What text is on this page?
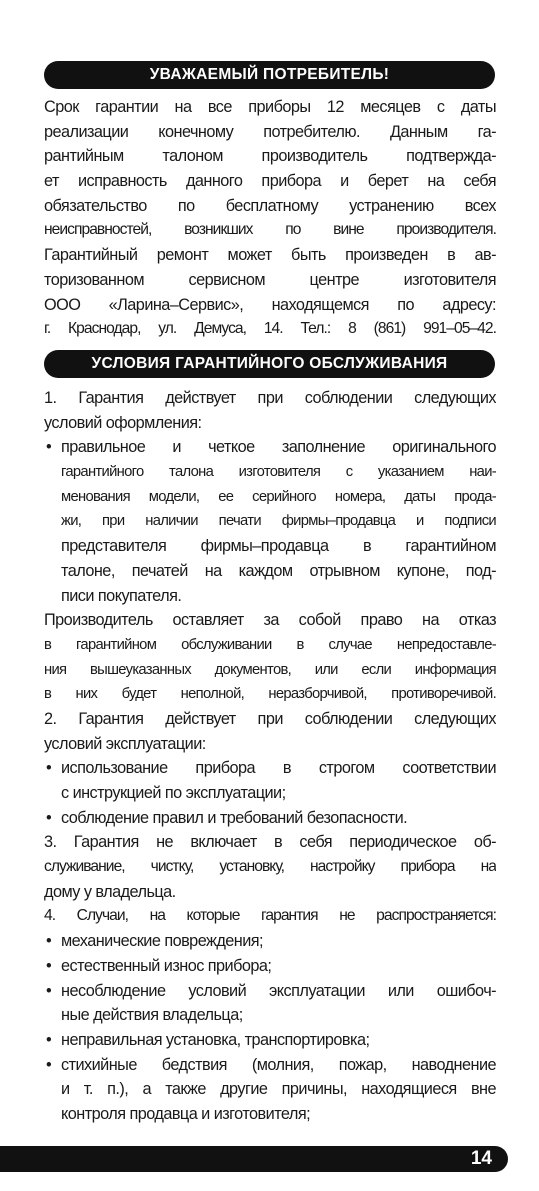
УВАЖАЕМЫЙ ПОТРЕБИТЕЛЬ!
Срок гарантии на все приборы 12 месяцев с даты
реализации конечному потребителю. Данным га-
рантийным талоном производитель подтвержда-
ет исправность данного прибора и берет на себя
обязательство по бесплатному устранению всех
неисправностей, возникших по вине производителя.
Гарантийный ремонт может быть произведен в ав-
торизованном сервисном центре изготовителя
ООО «Ларина–Сервис», находящемся по адресу:
г. Краснодар, ул. Демуса, 14. Тел.: 8 (861) 991–05–42.
УСЛОВИЯ ГАРАНТИЙНОГО ОБСЛУЖИВАНИЯ
1. Гарантия действует при соблюдении следующих
условий оформления:
• правильное и четкое заполнение оригинального
гарантийного талона изготовителя с указанием наи-
менования модели, ее серийного номера, даты прода-
жи, при наличии печати фирмы–продавца и подписи
представителя фирмы–продавца в гарантийном
талоне, печатей на каждом отрывном купоне, под-
писи покупателя.
Производитель оставляет за собой право на отказ
в гарантийном обслуживании в случае непредоставле-
ния вышеуказанных документов, или если информация
в них будет неполной, неразборчивой, противоречивой.
2. Гарантия действует при соблюдении следующих
условий эксплуатации:
• использование прибора в строгом соответствии
с инструкцией по эксплуатации;
• соблюдение правил и требований безопасности.
3. Гарантия не включает в себя периодическое об-
служивание, чистку, установку, настройку прибора на
дому у владельца.
4. Случаи, на которые гарантия не распространяется:
• механические повреждения;
• естественный износ прибора;
• несоблюдение условий эксплуатации или ошибоч-
ные действия владельца;
• неправильная установка, транспортировка;
• стихийные бедствия (молния, пожар, наводнение
и т. п.), а также другие причины, находящиеся вне
контроля продавца и изготовителя;
14
